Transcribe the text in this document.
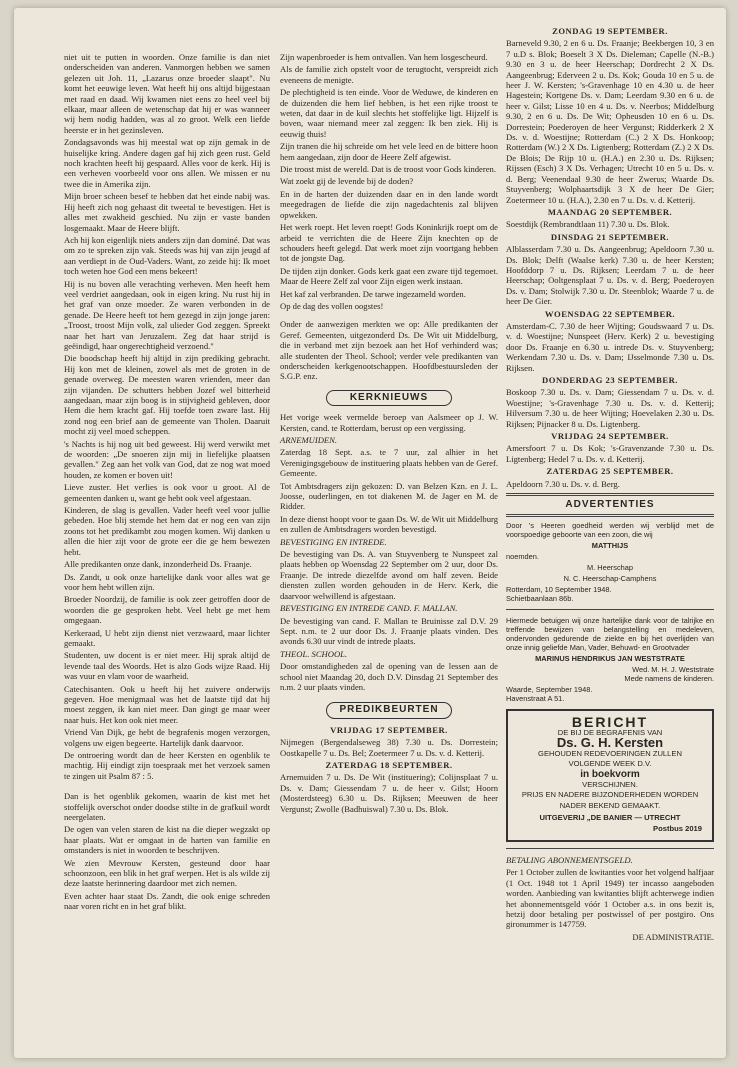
niet uit te putten in woorden. Onze familie is dan niet onderscheiden van anderen. Vanmorgen hebben we samen gelezen uit Joh. 11, „Lazarus onze broeder slaapt". Nu komt het eeuwige leven. Wat heeft hij ons altijd bijgestaan met raad en daad. Wij kwamen niet eens zo heel veel bij elkaar, maar alleen de wetenschap dat hij er was wanneer wij hem nodig hadden, was al zo groot. Welk een liefde heerste er in het gezinsleven.

Zondagsavonds was hij meestal wat op zijn gemak in de huiselijke kring. Andere dagen gaf hij zich geen rust. Geld noch krachten heeft hij gespaard. Alles voor de kerk. Hij is een verheven voorbeeld voor ons allen. We missen er nu twee die in Amerika zijn.

Mijn broer scheen besef te hebben dat het einde nabij was. Hij heeft zich nog gehaast dit tweetal te bevestigen. Het is alles met zwakheid geschied. Nu zijn er vaste banden losgemaakt. Maar de Heere blijft.

Ach hij kon eigenlijk niets anders zijn dan dominé. Dat was om zo te spreken zijn vak. Steeds was hij van zijn jeugd af aan verdiept in de Oud-Vaders. Want, zo zeide hij: Ik moet toch weten hoe God een mens bekeert!

Hij is nu boven alle verachting verheven. Men heeft hem veel verdriet aangedaan, ook in eigen kring. Nu rust hij in het graf van onze moeder. Ze waren verbonden in de genade. De Heere heeft tot hem gezegd in zijn jonge jaren: „Troost, troost Mijn volk, zal ulieder God zeggen. Spreekt naar het hart van Jeruzalem. Zeg dat haar strijd is geëindigd, haar ongerechtigheid verzoend."

Die boodschap heeft hij altijd in zijn prediking gebracht. Hij kon met de kleinen, zowel als met de groten in de genade overweg. De meesten waren vrienden, meer dan zijn vijanden. De schutters hebben Jozef wel bitterheid aangedaan, maar zijn boog is in stijvigheid gebleven, door Hem die hem kracht gaf. Hij toefde toen zware last. Hij zond nog een brief aan de gemeente van Tholen. Daaruit mocht zij veel moed scheppen.

's Nachts is hij nog uit bed geweest. Hij werd verwikt met de woorden: „De snoeren zijn mij in liefelijke plaatsen gevallen." Zeg aan het volk van God, dat ze nog wat moed houden, ze komen er boven uit!

Lieve zuster. Het verlies is ook voor u groot. Al de gemeenten danken u, want ge hebt ook veel afgestaan.

Kinderen, de slag is gevallen. Vader heeft veel voor jullie gebeden. Hoe blij stemde het hem dat er nog een van zijn zoons tot het predikambt zou mogen komen. Wij danken u allen die hier zijt voor de grote eer die ge hem bewezen hebt.

Alle predikanten onze dank, inzonderheid Ds. Fraanje.

Ds. Zandt, u ook onze hartelijke dank voor alles wat ge voor hem hebt willen zijn.

Broeder Noordzij, de familie is ook zeer getroffen door de woorden die ge gesproken hebt. Veel hebt ge met hem omgegaan.

Kerkeraad, U hebt zijn dienst niet verzwaard, maar lichter gemaakt.

Studenten, uw docent is er niet meer. Hij sprak altijd de levende taal des Woords. Het is alzo Gods wijze Raad. Hij was vuur en vlam voor de waarheid.

Catechisanten. Ook u heeft hij het zuivere onderwijs gegeven. Hoe menigmaal was het de laatste tijd dat hij moest zeggen, ik kan niet meer. Dan gingt ge maar weer naar huis. Het kon ook niet meer.

Vriend Van Dijk, ge hebt de begrafenis mogen verzorgen, volgens uw eigen begeerte. Hartelijk dank daarvoor.

De ontroering wordt dan de heer Kersten en ogenblik te machtig. Hij eindigt zijn toespraak met het verzoek samen te zingen uit Psalm 87 : 5.

Dan is het ogenblik gekomen, waarin de kist met het stoffelijk overschot onder doodse stilte in de grafkuil wordt neergelaten.

De ogen van velen staren de kist na die dieper wegzakt op haar plaats. Wat er omgaat in de harten van familie en omstanders is niet in woorden te beschrijven.

We zien Mevrouw Kersten, gesteund door haar schoonzoon, een blik in het graf werpen. Het is als wilde zij deze laatste herinnering daardoor met zich nemen.

Even achter haar staat Ds. Zandt, die ook enige schreden naar voren richt en in het graf blikt.

Zijn wapenbroeder is hem ontvallen. Van hem losgescheurd.

Als de familie zich opstelt voor de terugtocht, verspreidt zich eveneens de menigte.

De plechtigheid is ten einde. Voor de Weduwe, de kinderen en de duizenden die hem lief hebben, is het een rijke troost te weten, dat daar in de kuil slechts het stoffelijke ligt. Hijzelf is boven, waar niemand meer zal zeggen: Ik ben ziek. Hij is eeuwig thuis!

Zijn tranen die hij schreide om het vele leed en de bittere hoon hem aangedaan, zijn door de Heere Zelf afgewist.

Die troost mist de wereld. Dat is de troost voor Gods kinderen.

Wat zoekt gij de levende bij de doden?

En in de harten der duizenden daar en in den lande wordt meegedragen de liefde die zijn nagedachtenis zal blijven opwekken.

Het werk roept. Het leven roept! Gods Koninkrijk roept om de arbeid te verrichten die de Heere Zijn knechten op de schouders heeft gelegd. Dat werk moet zijn voortgang hebben tot de jongste Dag.

De tijden zijn donker. Gods kerk gaat een zware tijd tegemoet. Maar de Heere Zelf zal voor Zijn eigen werk instaan.

Het kaf zal verbranden. De tarwe ingezameld worden.

Op de dag des vollen oogstes!

Onder de aanwezigen merkten we op: Alle predikanten der Geref. Gemeenten, uitgezonderd Ds. De Wit uit Middelburg, die in verband met zijn bezoek aan het Hof verhinderd was; alle studenten der Theol. School; verder vele predikanten van onderscheiden kerkgenootschappen. Hoofdbestuursleden der S.G.P. enz.

KERKNIEUWS

Het vorige week vermelde beroep van Aalsmeer op J. W. Kersten, cand. te Rotterdam, berust op een vergissing.

ARNEMUIDEN.

Zaterdag 18 Sept. a.s. te 7 uur, zal alhier in het Verenigingsgebouw de instituering plaats hebben van de Geref. Gemeente.

Tot Ambtsdragers zijn gekozen: D. van Belzen Kzn. en J. L. Joosse, ouderlingen, en tot diakenen M. de Jager en M. de Ridder.

In deze dienst hoopt voor te gaan Ds. W. de Wit uit Middelburg en zullen de Ambtsdragers worden bevestigd.

BEVESTIGING EN INTREDE.

De bevestiging van Ds. A. van Stuyvenberg te Nunspeet zal plaats hebben op Woensdag 22 September om 2 uur, door Ds. Fraanje. De intrede diezelfde avond om half zeven. Beide diensten zullen worden gehouden in de Herv. Kerk, die daarvoor welwillend is afgestaan.

BEVESTIGING EN INTREDE CAND. F. MALLAN.

De bevestiging van cand. F. Mallan te Bruinisse zal D.V. 29 Sept. n.m. te 2 uur door Ds. J. Fraanje plaats vinden. Des avonds 6.30 uur vindt de intrede plaats.

THEOL. SCHOOL.

Door omstandigheden zal de opening van de lessen aan de school niet Maandag 20, doch D.V. Dinsdag 21 September des n.m. 2 uur plaats vinden.

PREDIKBEURTEN

VRIJDAG 17 SEPTEMBER.

Nijmegen (Bergendalseweg 38) 7.30 u. Ds. Dorrestein; Oostkapelle 7 u. Ds. Bel; Zoetermeer 7 u. Ds. v. d. Ketterij.

ZATERDAG 18 SEPTEMBER.

Arnemuiden 7 u. Ds. De Wit (instituering); Colijnsplaat 7 u. Ds. v. Dam; Giessendam 7 u. de heer v. Gilst; Hoorn (Mosterdsteeg) 6.30 u. Ds. Rijksen; Meeuwen de heer Vergunst; Zwolle (Badhuiswal) 7.30 u. Ds. Blok.

ZONDAG 19 SEPTEMBER.

Barneveld 9.30, 2 en 6 u. Ds. Fraanje; Beekbergen 10, 3 en 7 u.D s. Blok; Boeselt 3 X Ds. Dieleman; Capelle (N.-B.) 9.30 en 3 u. de heer Heerschap; Dordrecht 2 X Ds. Aangeenbrug; Ederveen 2 u. Ds. Kok; Gouda 10 en 5 u. de heer J. W. Kersten; 's-Gravenhage 10 en 4.30 u. de heer Hagestein; Kortgene Ds. v. Dam; Leerdam 9.30 en 6 u. de heer v. Gilst; Lisse 10 en 4 u. Ds. v. Neerbos; Middelburg 9.30, 2 en 6 u. Ds. De Wit; Opheusden 10 en 6 u. Ds. Dorrestein; Poederoyen de heer Vergunst; Ridderkerk 2 X Ds. v. d. Woestijne; Rotterdam (C.) 2 X Ds. Honkoop; Rotterdam (W.) 2 X Ds. Ligtenberg; Rotterdam (Z.) 2 X Ds. De Blois; De Rijp 10 u. (H.A.) en 2.30 u. Ds. Rijksen; Rijssen (Esch) 3 X Ds. Verhagen; Utrecht 10 en 5 u. Ds. v. d. Berg; Veenendaal 9.30 de heer Zwerus; Waarde Ds. Stuyvenberg; Wolphaartsdijk 3 X de heer De Gier; Zoetermeer 10 u. (H.A.), 2.30 en 7 u. Ds. v. d. Ketterij.

MAANDAG 20 SEPTEMBER.

Soestdijk (Rembrandtlaan 11) 7.30 u. Ds. Blok.

DINSDAG 21 SEPTEMBER.

Alblasserdam 7.30 u. Ds. Aangeenbrug; Apeldoorn 7.30 u. Ds. Blok; Delft (Waalse kerk) 7.30 u. de heer Kersten; Hoofddorp 7 u. Ds. Rijksen; Leerdam 7 u. de heer Heerschap; Ooltgensplaat 7 u. Ds. v. d. Berg; Poederoyen Ds. v. Dam; Stolwijk 7.30 u. Dr. Steenblok; Waarde 7 u. de heer De Gier.

WOENSDAG 22 SEPTEMBER.

Amsterdam-C. 7.30 de heer Wijting; Goudswaard 7 u. Ds. v. d. Woestijne; Nunspeet (Herv. Kerk) 2 u. bevestiging door Ds. Fraanje en 6.30 u. intrede Ds. v. Stuyvenberg; Werkendam 7.30 u. Ds. v. Dam; IJsselmonde 7.30 u. Ds. Rijksen.

DONDERDAG 23 SEPTEMBER.

Boskoop 7.30 u. Ds. v. Dam; Giessendam 7 u. Ds. v. d. Woestijne; 's-Gravenhage 7.30 u. Ds. v. d. Ketterij; Hilversum 7.30 u. de heer Wijting; Hoevelaken 2.30 u. Ds. Rijksen; Pijnacker 8 u. Ds. Ligtenberg.

VRIJDAG 24 SEPTEMBER.

Amersfoort 7 u. Ds Kok; 's-Gravenzande 7.30 u. Ds. Ligtenberg; Hedel 7 u. Ds. v. d. Ketterij.

ZATERDAG 25 SEPTEMBER.

Apeldoorn 7.30 u. Ds. v. d. Berg.

ADVERTENTIES

Door 's Heeren goedheid werden wij verblijd met de voorspoedige geboorte van een zoon, die wij

MATTHIJS

noemden.

M. Heerschap

N. C. Heerschap-Camphens

Rotterdam, 10 September 1948.

Schietbaanlaan 86b.

Hiermede betuigen wij onze hartelijke dank voor de talrijke en treffende bewijzen van belangstelling en medeleven, ondervonden gedurende de ziekte en bij het overlijden van onze innig geliefde Man, Vader, Behuwd- en Grootvader

MARINUS HENDRIKUS JAN WESTSTRATE

Wed. M. H. J. Weststrate

Mede namens de kinderen.

Waarde, September 1948.

Havenstraat A 51.

BERICHT
DE BIJ DE BEGRAFENIS VAN
Ds. G. H. Kersten
GEHOUDEN REDEVOERINGEN ZULLEN VOLGENDE WEEK D.V.
in boekvorm
VERSCHIJNEN.
PRIJS EN NADERE BIJZONDERHEDEN WORDEN NADER BEKEND GEMAAKT.
UITGEVERIJ „DE BANIER — UTRECHT
Postbus 2019

BETALING ABONNEMENTSGELD.

Per 1 October zullen de kwitanties voor het volgend halfjaar (1 Oct. 1948 tot 1 April 1949) ter incasso aangeboden worden. Aanbieding van kwitanties blijft achterwege indien het abonnementsgeld vóór 1 October a.s. in ons bezit is, hetzij door betaling per postwissel of per postgiro. Ons gironummer is 147759.

DE ADMINISTRATIE.
